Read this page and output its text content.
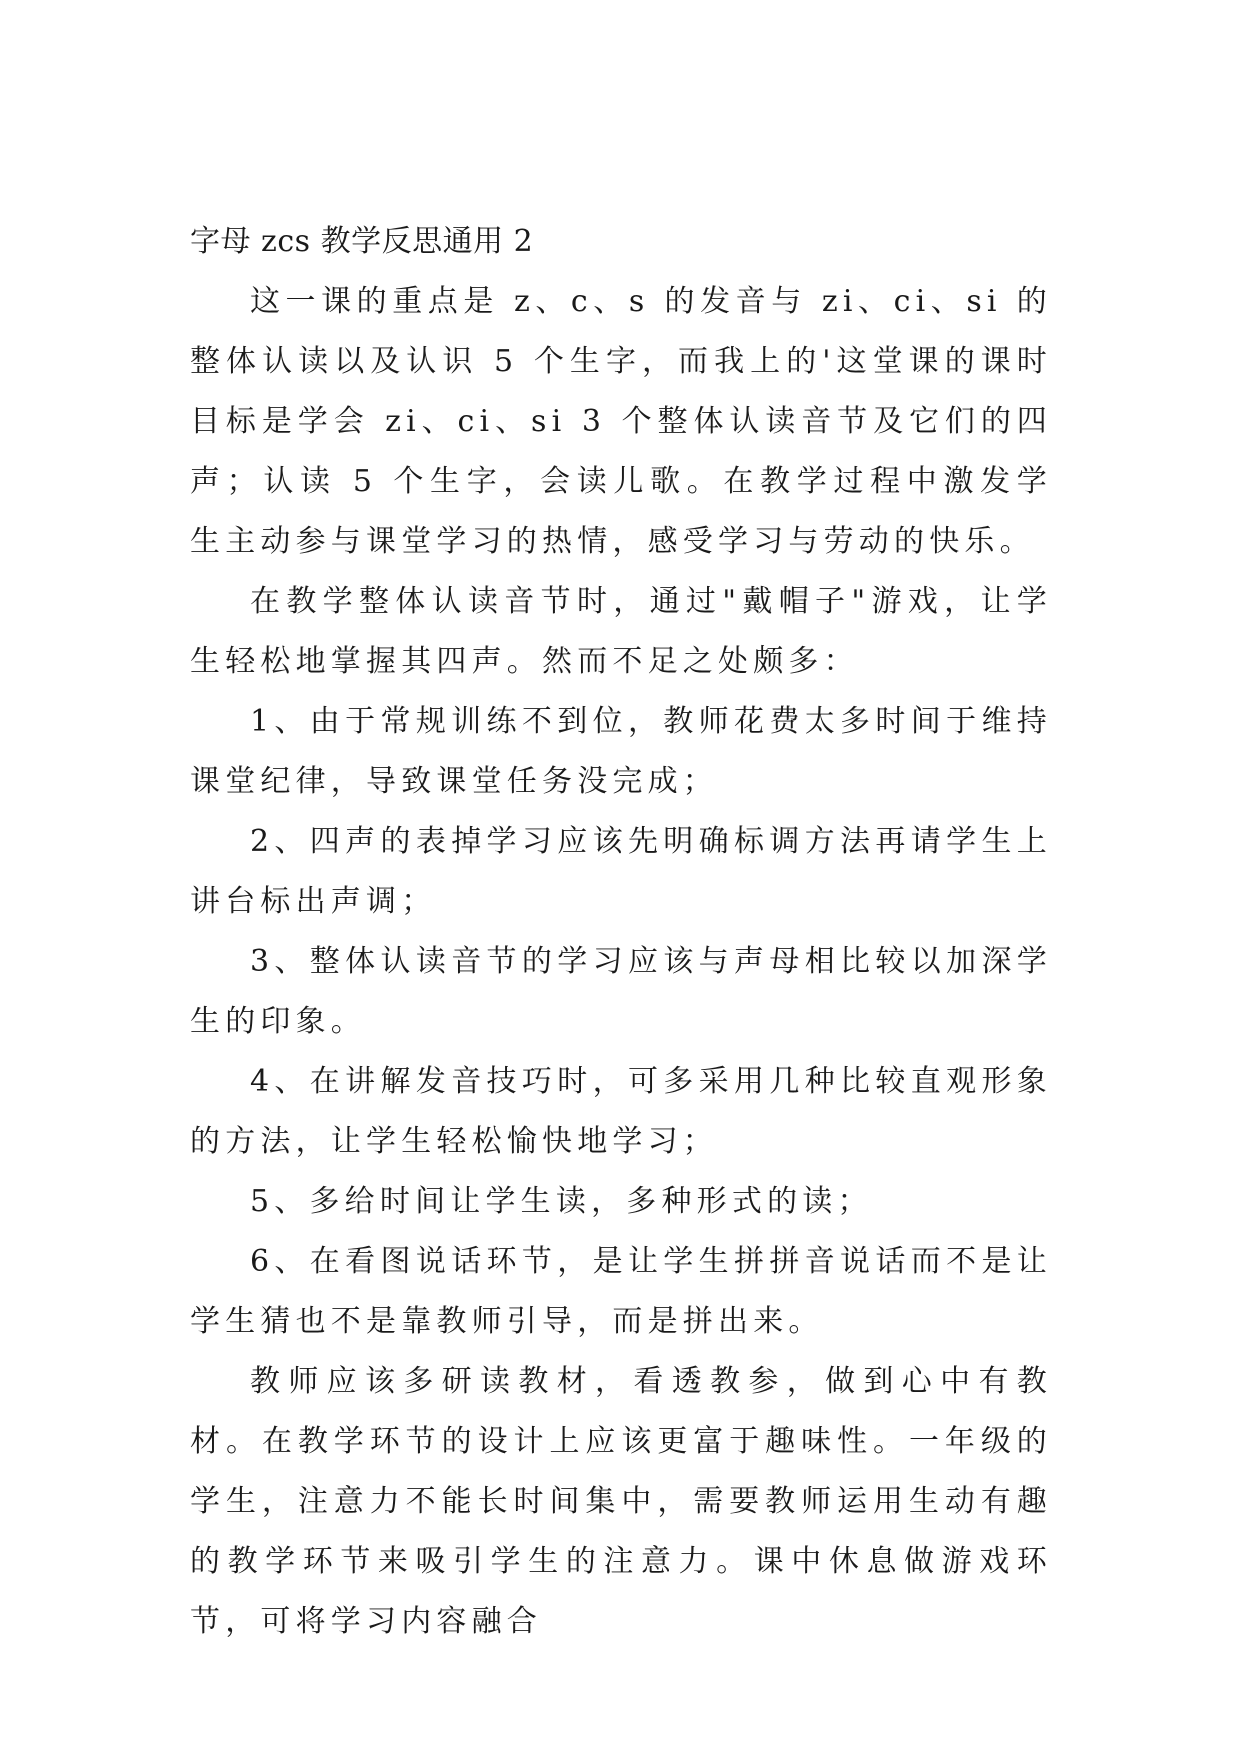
字母 zcs 教学反思通用 2

这一课的重点是 z、c、s 的发音与 zi、ci、si 的整体认读以及认识 5 个生字，而我上的'这堂课的课时目标是学会 zi、ci、si 3 个整体认读音节及它们的四声；认读 5 个生字，会读儿歌。在教学过程中激发学生主动参与课堂学习的热情，感受学习与劳动的快乐。

在教学整体认读音节时，通过"戴帽子"游戏，让学生轻松地掌握其四声。然而不足之处颇多：

1、由于常规训练不到位，教师花费太多时间于维持课堂纪律，导致课堂任务没完成；

2、四声的表掉学习应该先明确标调方法再请学生上讲台标出声调；

3、整体认读音节的学习应该与声母相比较以加深学生的印象。

4、在讲解发音技巧时，可多采用几种比较直观形象的方法，让学生轻松愉快地学习；

5、多给时间让学生读，多种形式的读；

6、在看图说话环节，是让学生拼拼音说话而不是让学生猜也不是靠教师引导，而是拼出来。

教师应该多研读教材，看透教参，做到心中有教材。在教学环节的设计上应该更富于趣味性。一年级的学生，注意力不能长时间集中，需要教师运用生动有趣的教学环节来吸引学生的注意力。课中休息做游戏环节，可将学习内容融合
